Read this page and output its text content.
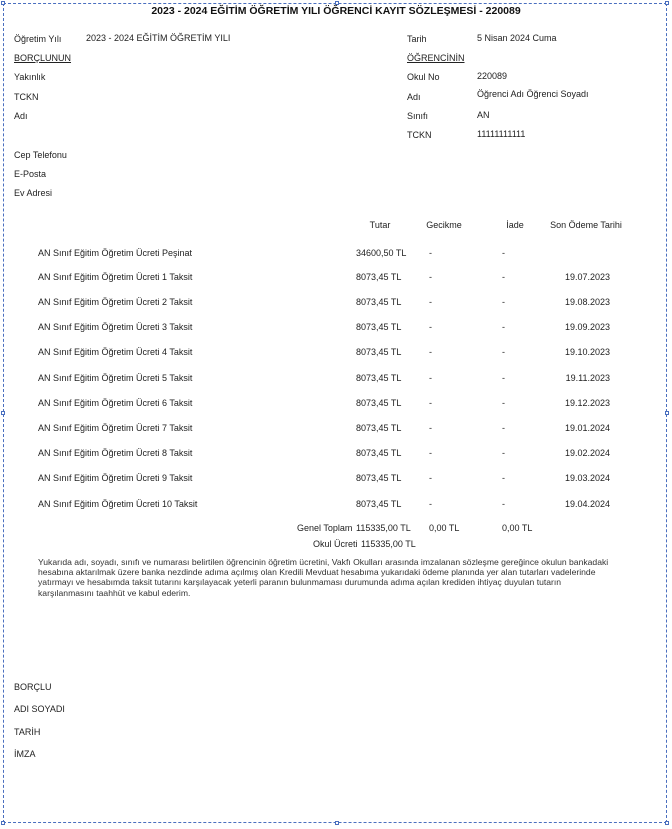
2023 - 2024 EĞİTİM ÖĞRETİM YILI ÖĞRENCİ KAYIT SÖZLEŞMESİ - 220089
Öğretim Yılı	2023 - 2024 EĞİTİM ÖĞRETİM YILI
BORÇLUNUN
Yakınlık
TCKN
Adı
Cep Telefonu
E-Posta
Ev Adresi
Tarih	5 Nisan 2024 Cuma
ÖĞRENCİNİN
Okul No	220089
Adı	Öğrenci Adı Öğrenci Soyadı
Sınıfı	AN
TCKN	11111111111
Tutar	Gecikme	İade	Son Ödeme Tarihi
AN Sınıf Eğitim Öğretim Ücreti Peşinat	34600,50 TL	-	-
AN Sınıf Eğitim Öğretim Ücreti 1 Taksit	8073,45 TL	-	-	19.07.2023
AN Sınıf Eğitim Öğretim Ücreti 2 Taksit	8073,45 TL	-	-	19.08.2023
AN Sınıf Eğitim Öğretim Ücreti 3 Taksit	8073,45 TL	-	-	19.09.2023
AN Sınıf Eğitim Öğretim Ücreti 4 Taksit	8073,45 TL	-	-	19.10.2023
AN Sınıf Eğitim Öğretim Ücreti 5 Taksit	8073,45 TL	-	-	19.11.2023
AN Sınıf Eğitim Öğretim Ücreti 6 Taksit	8073,45 TL	-	-	19.12.2023
AN Sınıf Eğitim Öğretim Ücreti 7 Taksit	8073,45 TL	-	-	19.01.2024
AN Sınıf Eğitim Öğretim Ücreti 8 Taksit	8073,45 TL	-	-	19.02.2024
AN Sınıf Eğitim Öğretim Ücreti 9 Taksit	8073,45 TL	-	-	19.03.2024
AN Sınıf Eğitim Öğretim Ücreti 10 Taksit	8073,45 TL	-	-	19.04.2024
Genel Toplam 115335,00 TL 0,00 TL	0,00 TL
Okul Ücreti 115335,00 TL
Yukarıda adı, soyadı, sınıfı ve numarası belirtilen öğrencinin öğretim ücretini, Vakfı Okulları arasında imzalanan sözleşme gereğince okulun bankadaki hesabına aktarılmak üzere banka nezdinde adıma açılmış olan Kredili Mevduat hesabıma yukarıdaki ödeme planında yer alan tutarları vadelerinde yatırmayı ve hesabımda taksit tutarını karşılayacak yeterli paranın bulunmaması durumunda adıma açılan krediden ihtiyaç duyulan tutarın karşılanmasını taahhüt ve kabul ederim.
BORÇLU
ADI SOYADI
TARİH
İMZA
